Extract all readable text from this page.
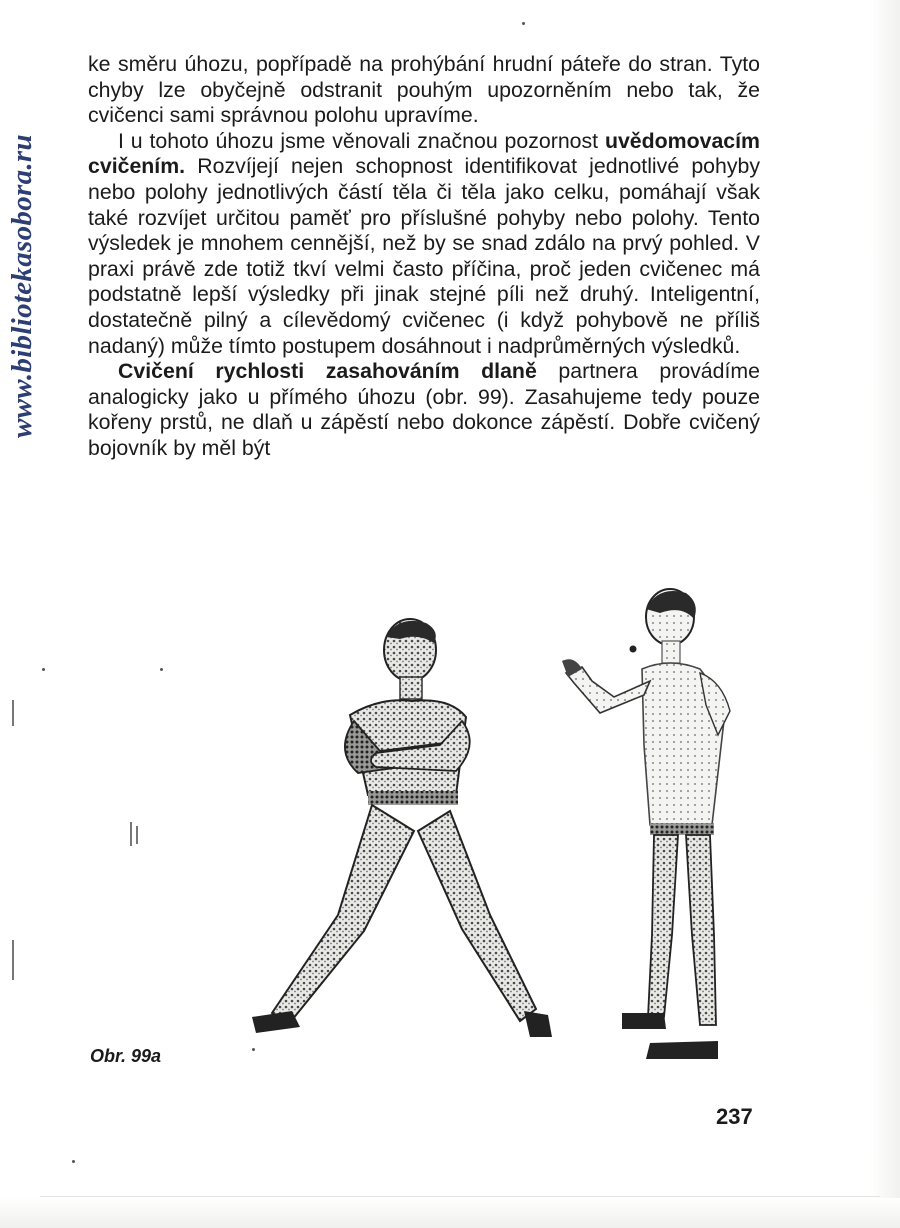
www.bibliotekasobora.ru

ke směru úhozu, popřípadě na prohýbání hrudní páteře do stran. Tyto chyby lze obyčejně odstranit pouhým upozorněním nebo tak, že cvičenci sami správnou polohu upravíme.

I u tohoto úhozu jsme věnovali značnou pozornost uvědomovacím cvičením. Rozvíjejí nejen schopnost identifikovat jednotlivé pohyby nebo polohy jednotlivých částí těla či těla jako celku, pomáhají však také rozvíjet určitou paměť pro příslušné pohyby nebo polohy. Tento výsledek je mnohem cennější, než by se snad zdálo na prvý pohled. V praxi právě zde totiž tkví velmi často příčina, proč jeden cvičenec má podstatně lepší výsledky při jinak stejné píli než druhý. Inteligentní, dostatečně pilný a cílevědomý cvičenec (i když pohybově ne příliš nadaný) může tímto postupem dosáhnout i nadprůměrných výsledků.

Cvičení rychlosti zasahováním dlaně partnera provádíme analogicky jako u přímého úhozu (obr. 99). Zasahujeme tedy pouze kořeny prstů, ne dlaň u zápěstí nebo dokonce zápěstí. Dobře cvičený bojovník by měl být

Obr. 99a
237
